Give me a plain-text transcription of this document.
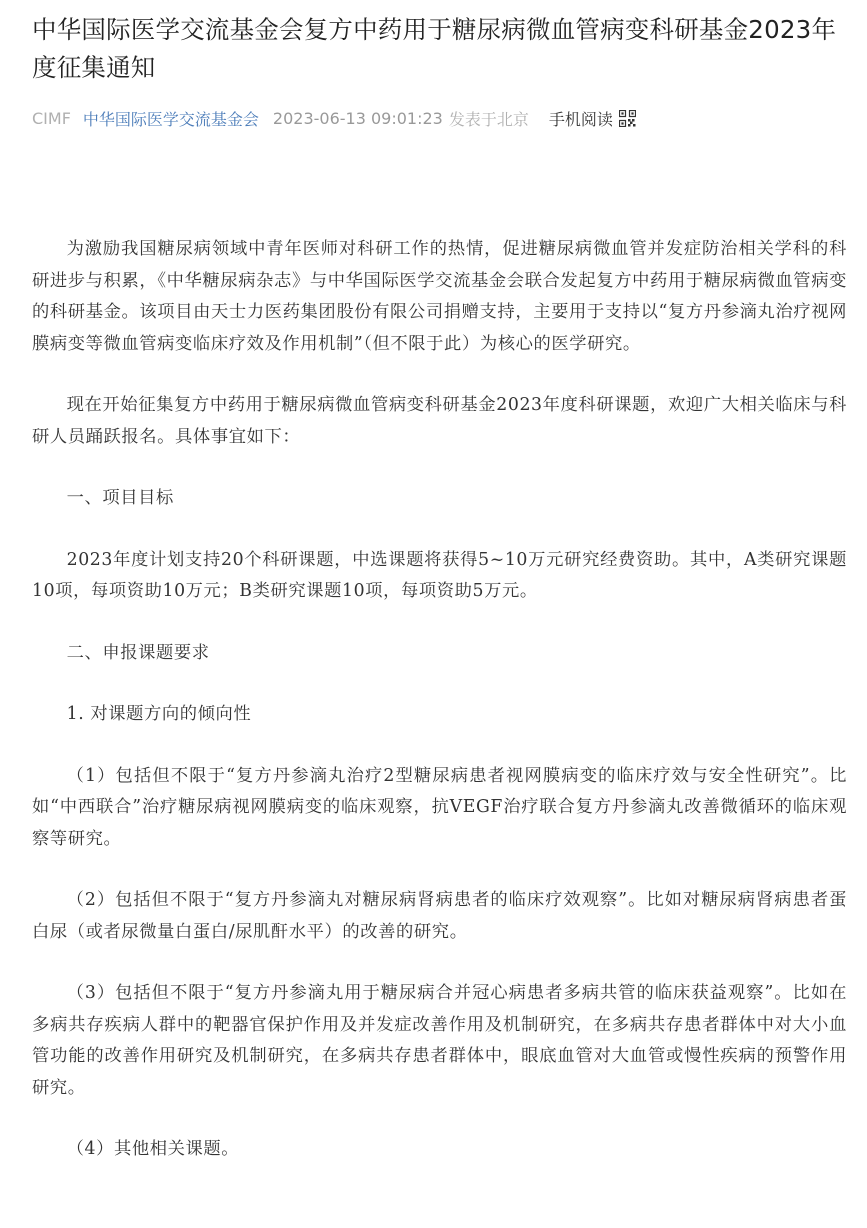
中华国际医学交流基金会复方中药用于糖尿病微血管病变科研基金2023年度征集通知
CIMF 中华国际医学交流基金会 2023-06-13 09:01:23 发表于北京 手机阅读

为激励我国糖尿病领域中青年医师对科研工作的热情，促进糖尿病微血管并发症防治相关学科的科研进步与积累，《中华糖尿病杂志》与中华国际医学交流基金会联合发起复方中药用于糖尿病微血管病变的科研基金。该项目由天士力医药集团股份有限公司捐赠支持，主要用于支持以“复方丹参滴丸治疗视网膜病变等微血管病变临床疗效及作用机制”（但不限于此）为核心的医学研究。

现在开始征集复方中药用于糖尿病微血管病变科研基金2023年度科研课题，欢迎广大相关临床与科研人员踊跃报名。具体事宜如下：

一、项目目标

2023年度计划支持20个科研课题，中选课题将获得5~10万元研究经费资助。其中，A类研究课题10项，每项资助10万元；B类研究课题10项，每项资助5万元。

二、申报课题要求

1. 对课题方向的倾向性

（1）包括但不限于“复方丹参滴丸治疗2型糖尿病患者视网膜病变的临床疗效与安全性研究”。比如“中西联合”治疗糖尿病视网膜病变的临床观察，抗VEGF治疗联合复方丹参滴丸改善微循环的临床观察等研究。

（2）包括但不限于“复方丹参滴丸对糖尿病肾病患者的临床疗效观察”。比如对糖尿病肾病患者蛋白尿（或者尿微量白蛋白/尿肌酐水平）的改善的研究。

（3）包括但不限于“复方丹参滴丸用于糖尿病合并冠心病患者多病共管的临床获益观察”。比如在多病共存疾病人群中的靶器官保护作用及并发症改善作用及机制研究，在多病共存患者群体中对大小血管功能的改善作用研究及机制研究，在多病共存患者群体中，眼底血管对大血管或慢性疾病的预警作用研究。

（4）其他相关课题。
